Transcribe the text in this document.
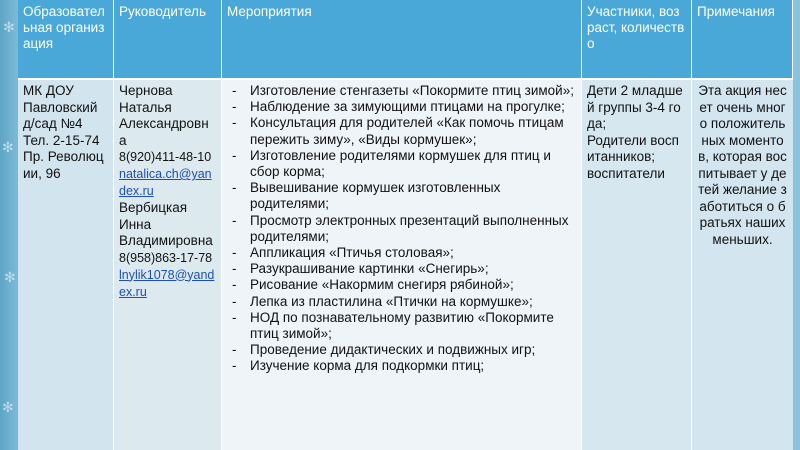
✻
✻
✻
✻
Образовательная организация
Руководитель	Мероприятия	Участники, возраст, количество
Примечания
МК ДОУ
Павловский д/сад №4
Тел. 2-15-74
Пр. Революции, 96
Чернова
Наталья
Александровна
8(920)411-48-10
natalica.ch@yandex.ru
Вербицкая
Инна
Владимировна
8(958)863-17-78
lnylik1078@yandex.ru
- Изготовление стенгазеты «Покормите птиц зимой»;
- Наблюдение за зимующими птицами на прогулке;
- Консультация для родителей «Как помочь птицам пережить зиму», «Виды кормушек»;
- Изготовление родителями кормушек для птиц и сбор корма;
- Вывешивание кормушек изготовленных родителями;
- Просмотр электронных презентаций выполненных родителями;
- Аппликация «Птичья столовая»;
- Разукрашивание картинки «Снегирь»;
- Рисование «Накормим снегиря рябиной»;
- Лепка из пластилина «Птички на кормушке»;
- НОД по познавательному развитию «Покормите птиц зимой»;
- Проведение дидактических и подвижных игр;
- Изучение корма для подкормки птиц;
Дети 2 младшей группы 3-4 года;
Родители воспитанников;
воспитатели
Эта акция несет очень много положительных моментов, которая воспитывает у детей желание заботиться о братьях наших меньших.
